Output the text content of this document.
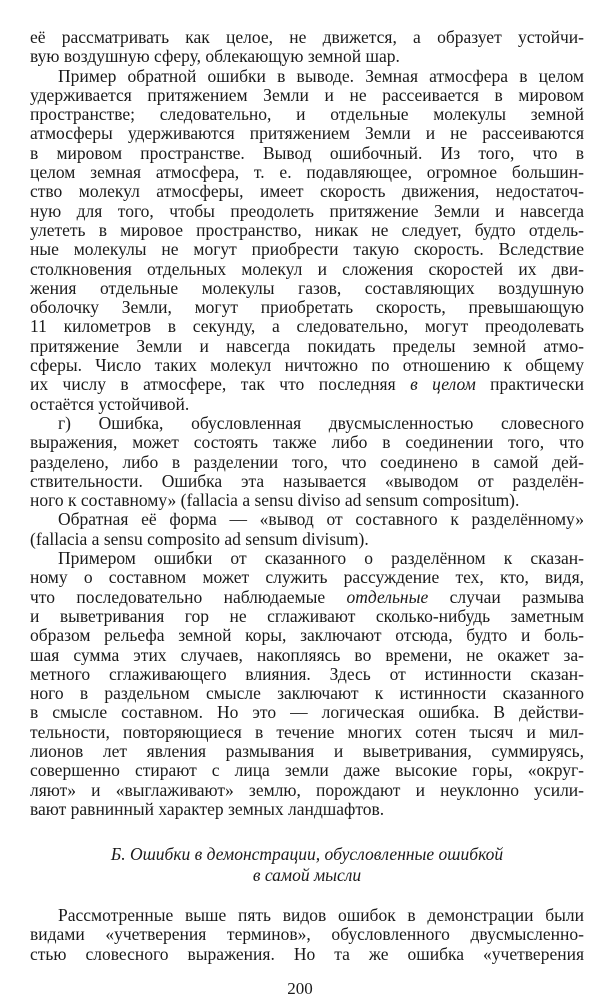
её рассматривать как целое, не движется, а образует устойчи-
вую воздушную сферу, облекающую земной шар.
Пример обратной ошибки в выводе. Земная атмосфера в целом
удерживается притяжением Земли и не рассеивается в мировом
пространстве; следовательно, и отдельные молекулы земной
атмосферы удерживаются притяжением Земли и не рассеиваются
в мировом пространстве. Вывод ошибочный. Из того, что в
целом земная атмосфера, т. е. подавляющее, огромное большин-
ство молекул атмосферы, имеет скорость движения, недостаточ-
ную для того, чтобы преодолеть притяжение Земли и навсегда
улететь в мировое пространство, никак не следует, будто отдель-
ные молекулы не могут приобрести такую скорость. Вследствие
столкновения отдельных молекул и сложения скоростей их дви-
жения отдельные молекулы газов, составляющих воздушную
оболочку Земли, могут приобретать скорость, превышающую
11 километров в секунду, а следовательно, могут преодолевать
притяжение Земли и навсегда покидать пределы земной атмо-
сферы. Число таких молекул ничтожно по отношению к общему
их числу в атмосфере, так что последняя в целом практически
остаётся устойчивой.
г) Ошибка, обусловленная двусмысленностью словесного
выражения, может состоять также либо в соединении того, что
разделено, либо в разделении того, что соединено в самой дей-
ствительности. Ошибка эта называется «выводом от разделён-
ного к составному» (fallacia a sensu diviso ad sensum compositum).
Обратная её форма — «вывод от составного к разделённому»
(fallacia a sensu composito ad sensum divisum).
Примером ошибки от сказанного о разделённом к сказан-
ному о составном может служить рассуждение тех, кто, видя,
что последовательно наблюдаемые отдельные случаи размыва
и выветривания гор не сглаживают сколько-нибудь заметным
образом рельефа земной коры, заключают отсюда, будто и боль-
шая сумма этих случаев, накопляясь во времени, не окажет за-
метного сглаживающего влияния. Здесь от истинности сказан-
ного в раздельном смысле заключают к истинности сказанного
в смысле составном. Но это — логическая ошибка. В действи-
тельности, повторяющиеся в течение многих сотен тысяч и мил-
лионов лет явления размывания и выветривания, суммируясь,
совершенно стирают с лица земли даже высокие горы, «округ-
ляют» и «выглаживают» землю, порождают и неуклонно усили-
вают равнинный характер земных ландшафтов.
Б. Ошибки в демонстрации, обусловленные ошибкой
в самой мысли
Рассмотренные выше пять видов ошибок в демонстрации были
видами «учетверения терминов», обусловленного двусмысленно-
стью словесного выражения. Но та же ошибка «учетверения
200
